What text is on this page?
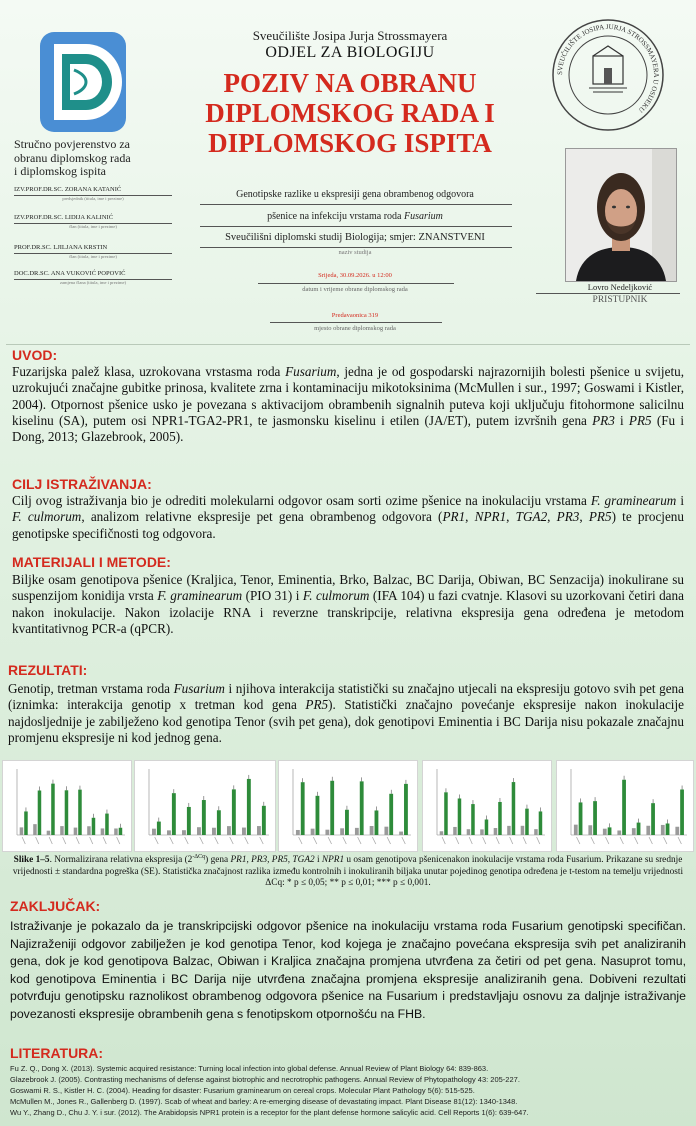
Sveučilište Josipa Jurja Strossmayera
ODJEL ZA BIOLOGIJU
POZIV NA OBRANU
DIPLOMSKOG RADA I
DIPLOMSKOG ISPITA
SVEUČILIŠTE JOSIPA JURJA STROSSMAYERA U OSIJEKU
Stručno povjerenstvo za
obranu diplomskog rada
i diplomskog ispita
IZV.PROF.DR.SC. ZORANA KATANIĆ
predsjednik (titula, ime i prezime)
IZV.PROF.DR.SC. LIDIJA KALINIĆ
član (titula, ime i prezime)
PROF.DR.SC. LJILJANA KRSTIN
član (titula, ime i prezime)
DOC.DR.SC. ANA VUKOVIĆ POPOVIĆ
zamjena člana (titula, ime i prezime)
Genotipske razlike u ekspresiji gena obrambenog odgovora
pšenice na infekciju vrstama roda Fusarium
Sveučilišni diplomski studij Biologija; smjer: ZNANSTVENI
naziv studija
Srijeda, 30.09.2026. u 12:00
datum i vrijeme obrane diplomskog rada
Predavaonica 319
mjesto obrane diplomskog rada
Lovro Nedeljković
PRISTUPNIK
UVOD:
Fuzarijska palež klasa, uzrokovana vrstasma roda Fusarium, jedna je od gospodarski najrazornijih bolesti pšenice u svijetu, uzrokujući značajne gubitke prinosa, kvalitete zrna i kontaminaciju mikotoksinima (McMullen i sur., 1997; Goswami i Kistler, 2004). Otpornost pšenice usko je povezana s aktivacijom obrambenih signalnih puteva koji uključuju fitohormone salicilnu kiselinu (SA), putem osi NPR1-TGA2-PR1, te jasmonsku kiselinu i etilen (JA/ET), putem izvršnih gena PR3 i PR5 (Fu i Dong, 2013; Glazebrook, 2005).
CILJ ISTRAŽIVANJA:
Cilj ovog istraživanja bio je odrediti molekularni odgovor osam sorti ozime pšenice na inokulaciju vrstama F. graminearum i F. culmorum, analizom relativne ekspresije pet gena obrambenog odgovora (PR1, NPR1, TGA2, PR3, PR5) te procjenu genotipske specifičnosti tog odgovora.
MATERIJALI I METODE:
Biljke osam genotipova pšenice (Kraljica, Tenor, Eminentia, Brko, Balzac, BC Darija, Obiwan, BC Senzacija) inokulirane su suspenzijom konidija vrsta F. graminearum (PIO 31) i F. culmorum (IFA 104) u fazi cvatnje. Klasovi su uzorkovani četiri dana nakon inokulacije. Nakon izolacije RNA i reverzne transkripcije, relativna ekspresija gena određena je metodom kvantitativnog PCR-a (qPCR).
REZULTATI:
Genotip, tretman vrstama roda Fusarium i njihova interakcija statistički su značajno utjecali na ekspresiju gotovo svih pet gena (iznimka: interakcija genotip x tretman kod gena PR5). Statistički značajno povećanje ekspresije nakon inokulacije najdosljednije je zabilježeno kod genotipa Tenor (svih pet gena), dok genotipovi Eminentia i BC Darija nisu pokazale značajnu promjenu ekspresije ni kod jednog gena.
Slike 1–5. Normalizirana relativna ekspresija $(2^{-\Delta Cq})$ gena PR1, PR3, PR5, TGA2 i NPR1 u osam genotipova pšenicenakon inokulacije vrstama roda Fusarium. Prikazane su srednje vrijednosti ± standardna pogreška (SE). Statistička značajnost razlika između kontrolnih i inokuliranih biljaka unutar pojedinog genotipa određena je t-testom na temelju vrijednosti ΔCq: * p ≤ 0,05; ** p ≤ 0,01; *** p ≤ 0,001.
ZAKLJUČAK:
Istraživanje je pokazalo da je transkripcijski odgovor pšenice na inokulaciju vrstama roda Fusarium genotipski specifičan. Najizraženiji odgovor zabilježen je kod genotipa Tenor, kod kojega je značajno povećana ekspresija svih pet analiziranih gena, dok je kod genotipova Balzac, Obiwan i Kraljica značajna promjena utvrđena za četiri od pet gena. Nasuprot tomu, kod genotipova Eminentia i BC Darija nije utvrđena značajna promjena ekspresije analiziranih gena. Dobiveni rezultati potvrđuju genotipsku raznolikost obrambenog odgovora pšenice na Fusarium i predstavljaju osnovu za daljnje istraživanje povezanosti ekspresije obrambenih gena s fenotipskom otpornošću na FHB.
LITERATURA:
Fu Z. Q., Dong X. (2013). Systemic acquired resistance: Turning local infection into global defense. Annual Review of Plant Biology 64: 839-863.
Glazebrook J. (2005). Contrasting mechanisms of defense against biotrophic and necrotrophic pathogens. Annual Review of Phytopathology 43: 205-227.
Goswami R. S., Kistler H. C. (2004). Heading for disaster: Fusarium graminearum on cereal crops. Molecular Plant Pathology 5(6): 515-525.
McMullen M., Jones R., Gallenberg D. (1997). Scab of wheat and barley: A re-emerging disease of devastating impact. Plant Disease 81(12): 1340-1348.
Wu Y., Zhang D., Chu J. Y. i sur. (2012). The Arabidopsis NPR1 protein is a receptor for the plant defense hormone salicylic acid. Cell Reports 1(6): 639-647.
